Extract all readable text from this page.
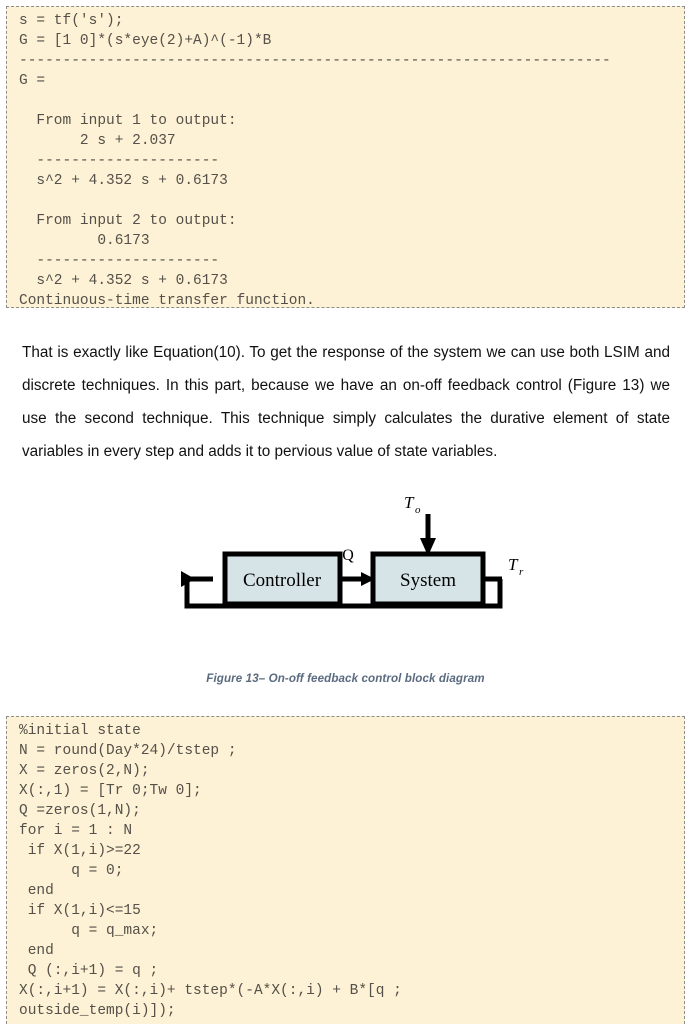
s = tf('s');
G = [1 0]*(s*eye(2)+A)^(-1)*B
--------------------------------------------------------------------
G =

From input 1 to output:
2 s + 2.037
---------------------
s^2 + 4.352 s + 0.6173

From input 2 to output:
0.6173
---------------------
s^2 + 4.352 s + 0.6173
Continuous-time transfer function.
That is exactly like Equation(10). To get the response of the system we can use both LSIM and discrete techniques. In this part, because we have an on-off feedback control (Figure 13) we use the second technique. This technique simply calculates the durative element of state variables in every step and adds it to pervious value of state variables.
Controller
Q
System
T o
T r
Figure 13– On-off feedback control block diagram
%initial state
N = round(Day*24)/tstep ;
X = zeros(2,N);
X(:,1) = [Tr 0;Tw 0];
Q =zeros(1,N);
for i = 1 : N
if X(1,i)>=22
q = 0;
end
if X(1,i)<=15
q = q_max;
end
Q (:,i+1) = q ;
X(:,i+1) = X(:,i)+ tstep*(-A*X(:,i) + B*[q ;
outside_temp(i)]);
